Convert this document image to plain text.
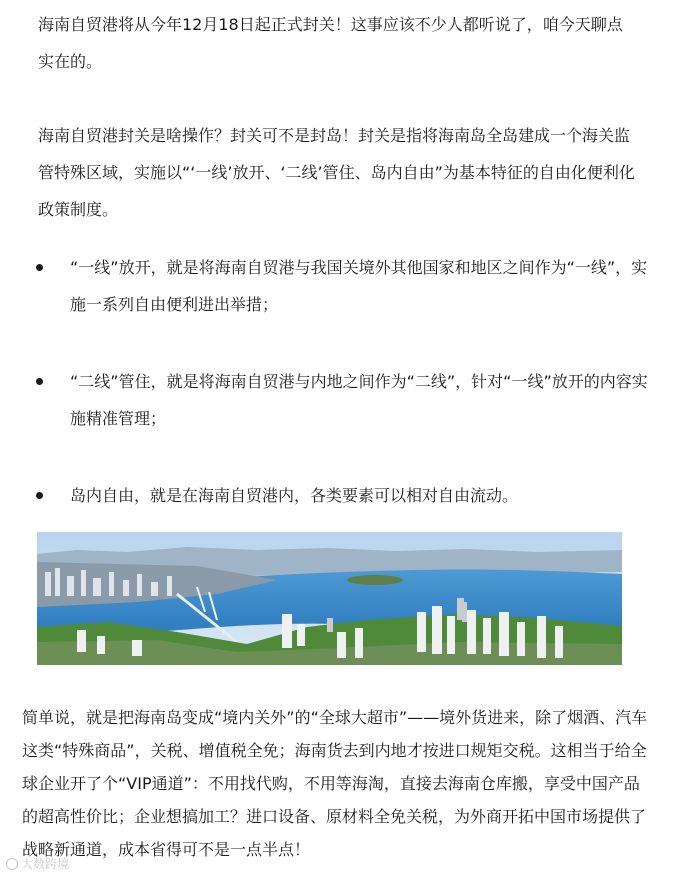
海南自贸港将从今年12月18日起正式封关！这事应该不少人都听说了，咱今天聊点实在的。

海南自贸港封关是啥操作？封关可不是封岛！封关是指将海南岛全岛建成一个海关监管特殊区域，实施以“‘一线’放开、‘二线’管住、岛内自由”为基本特征的自由化便利化政策制度。

“一线”放开，就是将海南自贸港与我国关境外其他国家和地区之间作为“一线”，实施一系列自由便利进出举措；
“二线”管住，就是将海南自贸港与内地之间作为“二线”，针对“一线”放开的内容实施精准管理；
岛内自由，就是在海南自贸港内，各类要素可以相对自由流动。

简单说，就是把海南岛变成“境内关外”的“全球大超市”——境外货进来，除了烟酒、汽车这类“特殊商品”，关税、增值税全免；海南货去到内地才按进口规矩交税。这相当于给全球企业开了个“VIP通道”：不用找代购，不用等海淘，直接去海南仓库搬，享受中国产品的超高性价比；企业想搞加工？进口设备、原材料全免关税，为外商开拓中国市场提供了战略新通道，成本省得可不是一点半点！

大数跨境
